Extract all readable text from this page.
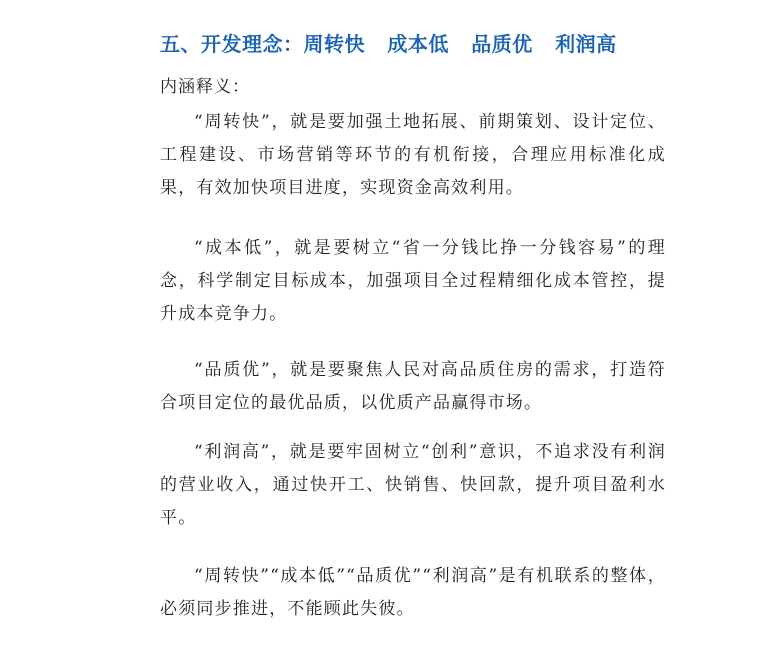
五、开发理念：周转快   成本低   品质优   利润高
内涵释义：
“周转快”，就是要加强土地拓展、前期策划、设计定位、工程建设、市场营销等环节的有机衔接，合理应用标准化成果，有效加快项目进度，实现资金高效利用。
“成本低”，就是要树立“省一分钱比挣一分钱容易”的理念，科学制定目标成本，加强项目全过程精细化成本管控，提升成本竞争力。
“品质优”，就是要聚焦人民对高品质住房的需求，打造符合项目定位的最优品质，以优质产品赢得市场。
“利润高”，就是要牢固树立“创利”意识，不追求没有利润的营业收入，通过快开工、快销售、快回款，提升项目盈利水平。
“周转快”“成本低”“品质优”“利润高”是有机联系的整体，必须同步推进，不能顾此失彼。
